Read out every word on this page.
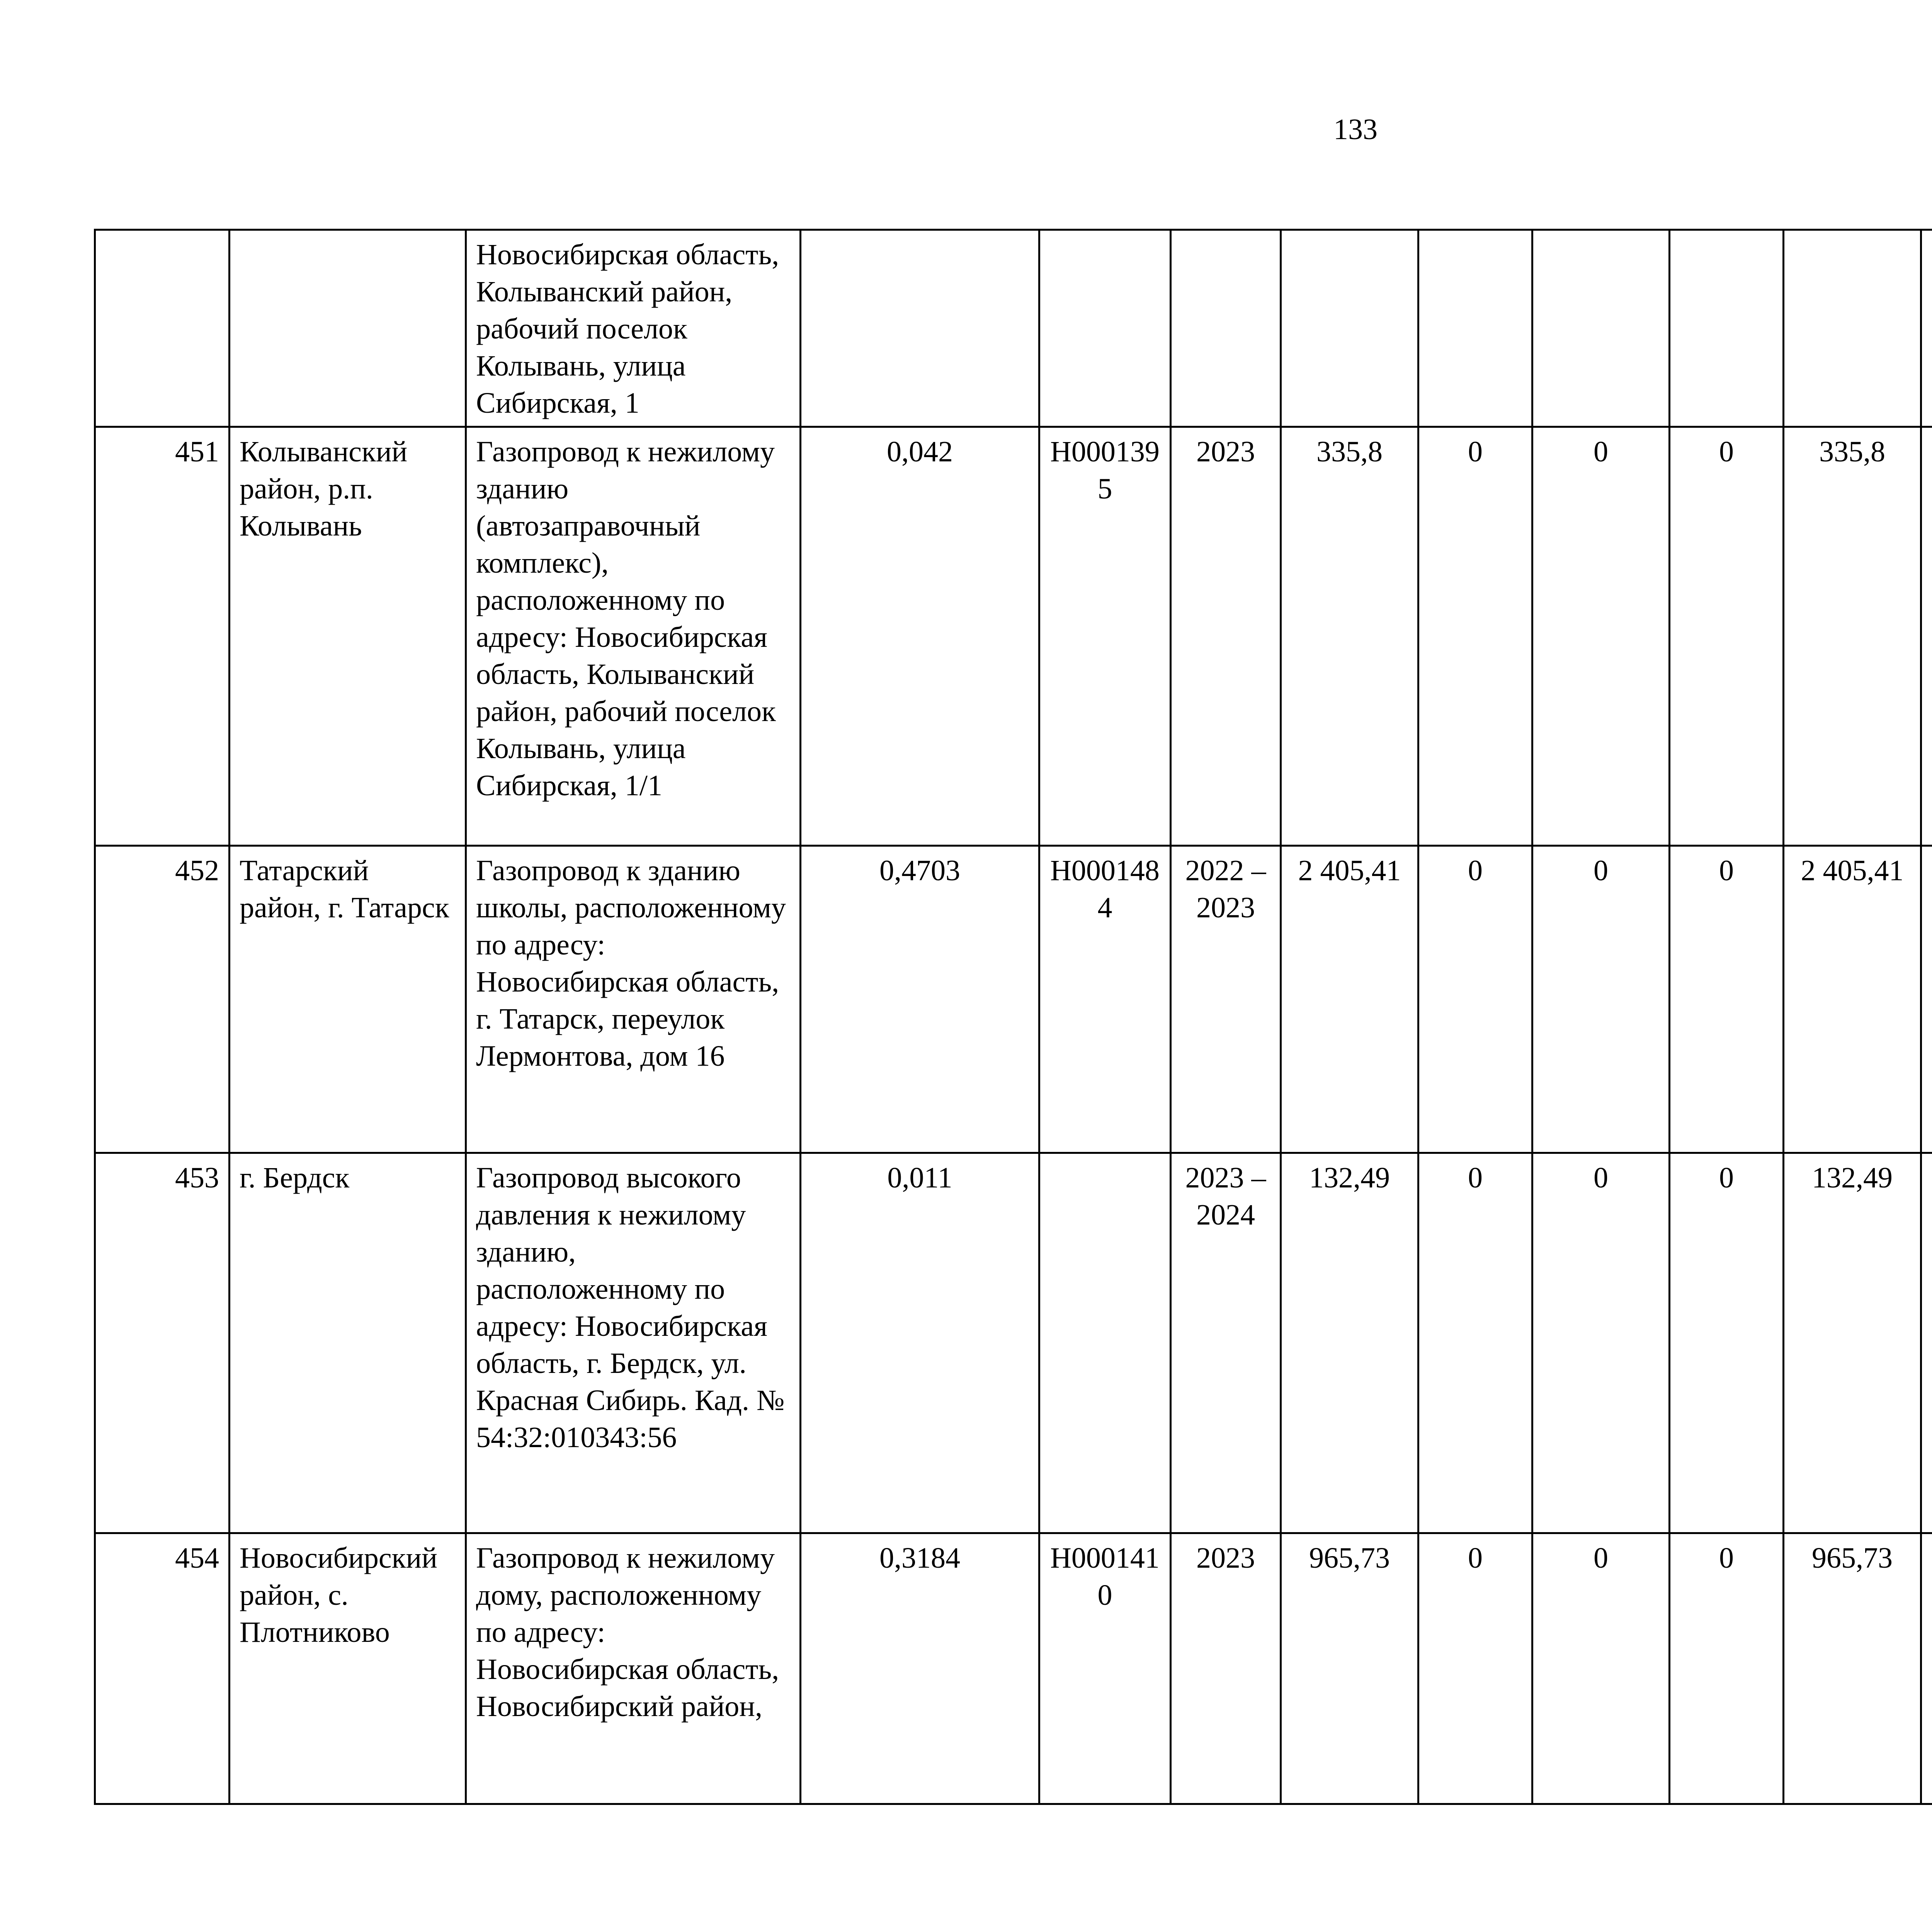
133
		Новосибирская область, Колыванский район, рабочий поселок Колывань, улица Сибирская, 1											
451	Колыванский район, р.п. Колывань	Газопровод к нежилому зданию (автозаправочный комплекс), расположенному по адресу: Новосибирская область, Колыванский район, рабочий поселок Колывань, улица Сибирская, 1/1	0,042	Н0001395	2023	335,8	0	0	0	335,8			
452	Татарский район, г. Татарск	Газопровод к зданию школы, расположенному по адресу: Новосибирская область, г. Татарск, переулок Лермонтова, дом 16	0,4703	Н0001484	2022 – 2023	2 405,41	0	0	0	2 405,41			
453	г. Бердск	Газопровод высокого давления к нежилому зданию, расположенному по адресу: Новосибирская область, г. Бердск, ул. Красная Сибирь. Кад. № 54:32:010343:56	0,011		2023 – 2024	132,49	0	0	0	132,49			
454	Новосибирский район, с. Плотниково	Газопровод к нежилому дому, расположенному по адресу: Новосибирская область, Новосибирский район,	0,3184	Н0001410	2023	965,73	0	0	0	965,73			
